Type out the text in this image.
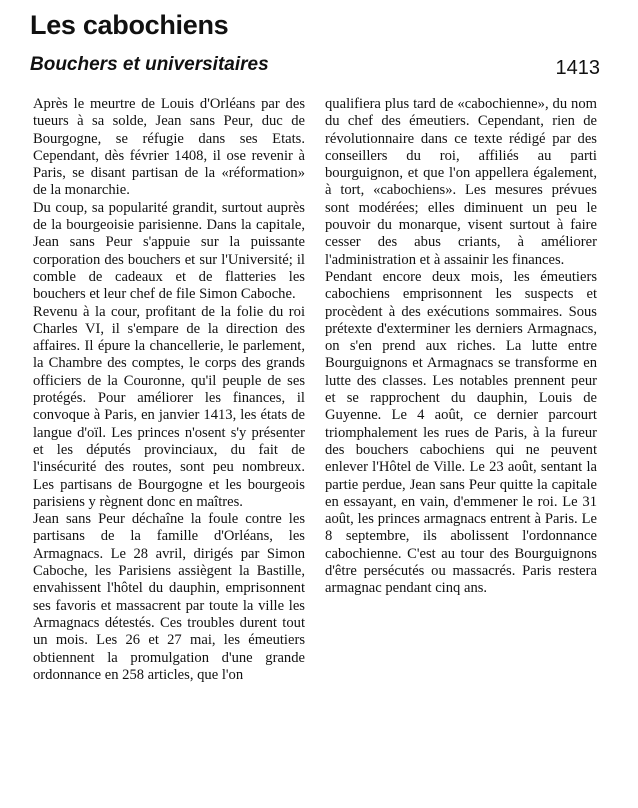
Les cabochiens
Bouchers et universitaires	1413

Après le meurtre de Louis d'Orléans par des tueurs à sa solde, Jean sans Peur, duc de Bourgogne, se réfugie dans ses Etats. Cependant, dès février 1408, il ose revenir à Paris, se disant partisan de la «réformation» de la monarchie.

Du coup, sa popularité grandit, surtout auprès de la bourgeoisie parisienne. Dans la capitale, Jean sans Peur s'appuie sur la puissante corporation des bouchers et sur l'Université; il comble de cadeaux et de flatteries les bouchers et leur chef de file Simon Caboche.

Revenu à la cour, profitant de la folie du roi Charles VI, il s'empare de la direction des affaires. Il épure la chancellerie, le parlement, la Chambre des comptes, le corps des grands officiers de la Couronne, qu'il peuple de ses protégés. Pour améliorer les finances, il convoque à Paris, en janvier 1413, les états de langue d'oïl. Les princes n'osent s'y présenter et les députés provinciaux, du fait de l'insécurité des routes, sont peu nombreux. Les partisans de Bourgogne et les bourgeois parisiens y règnent donc en maîtres.

Jean sans Peur déchaîne la foule contre les partisans de la famille d'Orléans, les Armagnacs. Le 28 avril, dirigés par Simon Caboche, les Parisiens assiègent la Bastille, envahissent l'hôtel du dauphin, emprisonnent ses favoris et massacrent par toute la ville les Armagnacs détestés. Ces troubles durent tout un mois. Les 26 et 27 mai, les émeutiers obtiennent la promulgation d'une grande ordonnance en 258 articles, que l'on

qualifiera plus tard de «cabochienne», du nom du chef des émeutiers. Cependant, rien de révolutionnaire dans ce texte rédigé par des conseillers du roi, affiliés au parti bourguignon, et que l'on appellera également, à tort, «cabochiens». Les mesures prévues sont modérées; elles diminuent un peu le pouvoir du monarque, visent surtout à faire cesser des abus criants, à améliorer l'administration et à assainir les finances.

Pendant encore deux mois, les émeutiers cabochiens emprisonnent les suspects et procèdent à des exécutions sommaires. Sous prétexte d'exterminer les derniers Armagnacs, on s'en prend aux riches. La lutte entre Bourguignons et Armagnacs se transforme en lutte des classes. Les notables prennent peur et se rapprochent du dauphin, Louis de Guyenne. Le 4 août, ce dernier parcourt triomphalement les rues de Paris, à la fureur des bouchers cabochiens qui ne peuvent enlever l'Hôtel de Ville. Le 23 août, sentant la partie perdue, Jean sans Peur quitte la capitale en essayant, en vain, d'emmener le roi. Le 31 août, les princes armagnacs entrent à Paris. Le 8 septembre, ils abolissent l'ordonnance cabochienne. C'est au tour des Bourguignons d'être persécutés ou massacrés. Paris restera armagnac pendant cinq ans.
